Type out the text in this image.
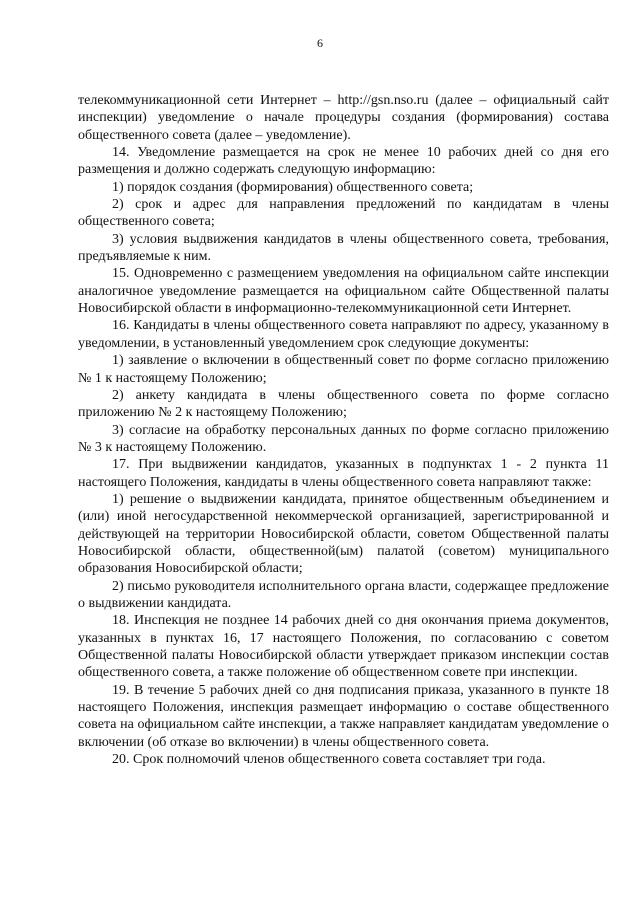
6

телекоммуникационной сети Интернет – http://gsn.nso.ru (далее – официальный сайт инспекции) уведомление о начале процедуры создания (формирования) состава общественного совета (далее – уведомление).

14. Уведомление размещается на срок не менее 10 рабочих дней со дня его размещения и должно содержать следующую информацию:

1) порядок создания (формирования) общественного совета;

2) срок и адрес для направления предложений по кандидатам в члены общественного совета;

3) условия выдвижения кандидатов в члены общественного совета, требования, предъявляемые к ним.

15. Одновременно с размещением уведомления на официальном сайте инспекции аналогичное уведомление размещается на официальном сайте Общественной палаты Новосибирской области в информационно-телекоммуникационной сети Интернет.

16. Кандидаты в члены общественного совета направляют по адресу, указанному в уведомлении, в установленный уведомлением срок следующие документы:

1) заявление о включении в общественный совет по форме согласно приложению № 1 к настоящему Положению;

2) анкету кандидата в члены общественного совета по форме согласно приложению № 2 к настоящему Положению;

3) согласие на обработку персональных данных по форме согласно приложению № 3 к настоящему Положению.

17. При выдвижении кандидатов, указанных в подпунктах 1 - 2 пункта 11 настоящего Положения, кандидаты в члены общественного совета направляют также:

1) решение о выдвижении кандидата, принятое общественным объединением и (или) иной негосударственной некоммерческой организацией, зарегистрированной и действующей на территории Новосибирской области, советом Общественной палаты Новосибирской области, общественной(ым) палатой (советом) муниципального образования Новосибирской области;

2) письмо руководителя исполнительного органа власти, содержащее предложение о выдвижении кандидата.

18. Инспекция не позднее 14 рабочих дней со дня окончания приема документов, указанных в пунктах 16, 17 настоящего Положения, по согласованию с советом Общественной палаты Новосибирской области утверждает приказом инспекции состав общественного совета, а также положение об общественном совете при инспекции.

19. В течение 5 рабочих дней со дня подписания приказа, указанного в пункте 18 настоящего Положения, инспекция размещает информацию о составе общественного совета на официальном сайте инспекции, а также направляет кандидатам уведомление о включении (об отказе во включении) в члены общественного совета.

20. Срок полномочий членов общественного совета составляет три года.
